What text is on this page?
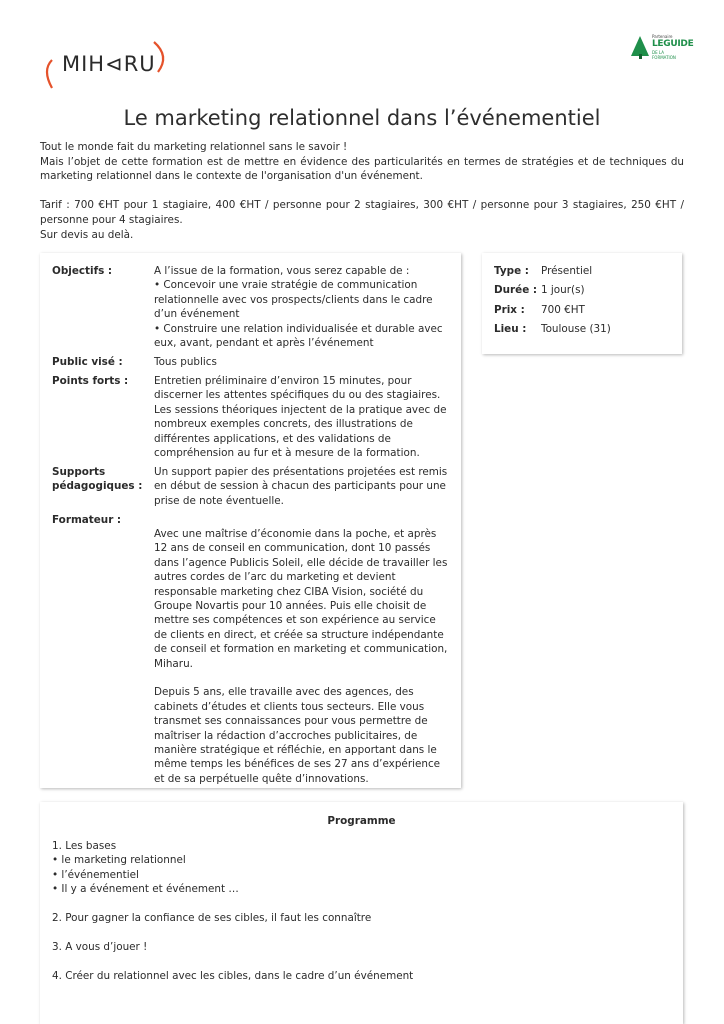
MIH⊲RU
Partenaire
LEGUIDE
DE LA FORMATION
Le marketing relationnel dans l’événementiel

Tout le monde fait du marketing relationnel sans le savoir !

Mais l’objet de cette formation est de mettre en évidence des particularités en termes de stratégies et de techniques du marketing relationnel dans le contexte de l'organisation d'un événement.

Tarif : 700 €HT pour 1 stagiaire, 400 €HT / personne pour 2 stagiaires, 300 €HT / personne pour 3 stagiaires, 250 €HT / personne pour 4 stagiaires.

Sur devis au delà.

Objectifs :	A l’issue de la formation, vous serez capable de :

• Concevoir une vraie stratégie de communication relationnelle avec vos prospects/clients dans le cadre d’un événement

• Construire une relation individualisée et durable avec eux, avant, pendant et après l’événement

Public visé :	Tous publics
Points forts :	Entretien préliminaire d’environ 15 minutes, pour discerner les attentes spécifiques du ou des stagiaires. Les sessions théoriques injectent de la pratique avec de nombreux exemples concrets, des illustrations de différentes applications, et des validations de compréhension au fur et à mesure de la formation.
Supports
pédagogiques :
Un support papier des présentations projetées est remis en début de session à chacun des participants pour une prise de note éventuelle.
Formateur :

Avec une maîtrise d’économie dans la poche, et après 12 ans de conseil en communication, dont 10 passés dans l’agence Publicis Soleil, elle décide de travailler les autres cordes de l’arc du marketing et devient responsable marketing chez CIBA Vision, société du Groupe Novartis pour 10 années. Puis elle choisit de mettre ses compétences et son expérience au service de clients en direct, et créée sa structure indépendante de conseil et formation en marketing et communication, Miharu.

Depuis 5 ans, elle travaille avec des agences, des cabinets d’études et clients tous secteurs. Elle vous transmet ses connaissances pour vous permettre de maîtriser la rédaction d’accroches publicitaires, de manière stratégique et réfléchie, en apportant dans le même temps les bénéfices de ses 27 ans d’expérience et de sa perpétuelle quête d’innovations.

Type : Présentiel
Durée : 1 jour(s)
Prix : 700 €HT
Lieu : Toulouse (31)
Programme

1. Les bases

• le marketing relationnel

• l’événementiel

• Il y a événement et événement …

2. Pour gagner la confiance de ses cibles, il faut les connaître

3. A vous d’jouer !

4. Créer du relationnel avec les cibles, dans le cadre d’un événement
